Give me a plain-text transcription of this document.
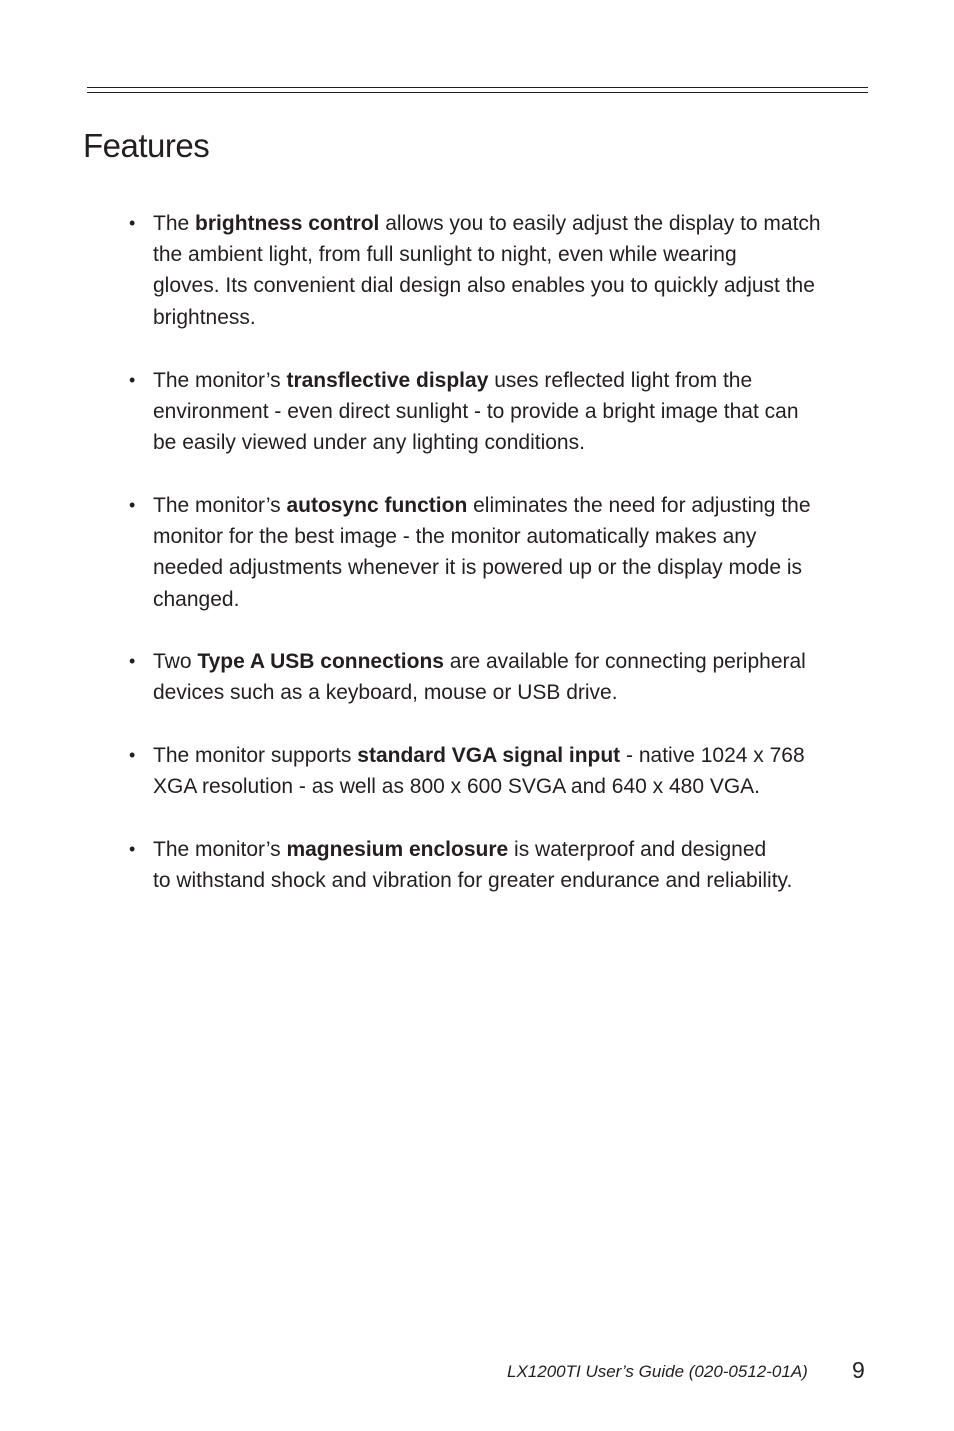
Features
• The brightness control allows you to easily adjust the display to match
the ambient light, from full sunlight to night, even while wearing
gloves. Its convenient dial design also enables you to quickly adjust the
brightness.
• The monitor’s transflective display uses reflected light from the
environment - even direct sunlight - to provide a bright image that can
be easily viewed under any lighting conditions.
• The monitor’s autosync function eliminates the need for adjusting the
monitor for the best image - the monitor automatically makes any
needed adjustments whenever it is powered up or the display mode is
changed.
• Two Type A USB connections are available for connecting peripheral
devices such as a keyboard, mouse or USB drive.
• The monitor supports standard VGA signal input - native 1024 x 768
XGA resolution - as well as 800 x 600 SVGA and 640 x 480 VGA.
• The monitor’s magnesium enclosure is waterproof and designed
to withstand shock and vibration for greater endurance and reliability.
LX1200TI User’s Guide (020-0512-01A) 9
